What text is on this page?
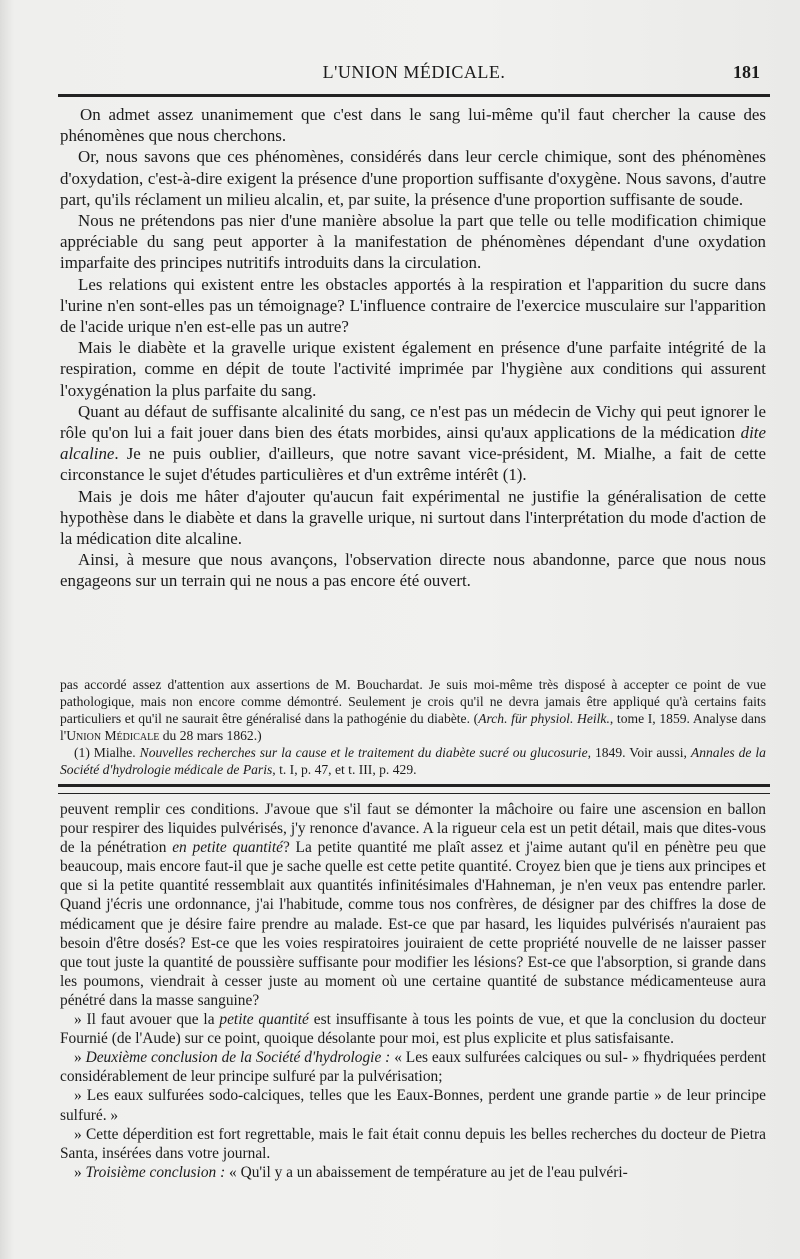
L'UNION MÉDICALE.	181

On admet assez unanimement que c'est dans le sang lui-même qu'il faut chercher la cause des phénomènes que nous cherchons.

Or, nous savons que ces phénomènes, considérés dans leur cercle chimique, sont des phénomènes d'oxydation, c'est-à-dire exigent la présence d'une proportion suffisante d'oxygène. Nous savons, d'autre part, qu'ils réclament un milieu alcalin, et, par suite, la présence d'une proportion suffisante de soude.

Nous ne prétendons pas nier d'une manière absolue la part que telle ou telle modification chimique appréciable du sang peut apporter à la manifestation de phénomènes dépendant d'une oxydation imparfaite des principes nutritifs introduits dans la circulation.

Les relations qui existent entre les obstacles apportés à la respiration et l'apparition du sucre dans l'urine n'en sont-elles pas un témoignage? L'influence contraire de l'exercice musculaire sur l'apparition de l'acide urique n'en est-elle pas un autre?

Mais le diabète et la gravelle urique existent également en présence d'une parfaite intégrité de la respiration, comme en dépit de toute l'activité imprimée par l'hygiène aux conditions qui assurent l'oxygénation la plus parfaite du sang.

Quant au défaut de suffisante alcalinité du sang, ce n'est pas un médecin de Vichy qui peut ignorer le rôle qu'on lui a fait jouer dans bien des états morbides, ainsi qu'aux applications de la médication dite alcaline. Je ne puis oublier, d'ailleurs, que notre savant vice-président, M. Mialhe, a fait de cette circonstance le sujet d'études particulières et d'un extrême intérêt (1).

Mais je dois me hâter d'ajouter qu'aucun fait expérimental ne justifie la généralisation de cette hypothèse dans le diabète et dans la gravelle urique, ni surtout dans l'interprétation du mode d'action de la médication dite alcaline.

Ainsi, à mesure que nous avançons, l'observation directe nous abandonne, parce que nous nous engageons sur un terrain qui ne nous a pas encore été ouvert.

pas accordé assez d'attention aux assertions de M. Bouchardat. Je suis moi-même très disposé à accepter ce point de vue pathologique, mais non encore comme démontré. Seulement je crois qu'il ne devra jamais être appliqué qu'à certains faits particuliers et qu'il ne saurait être généralisé dans la pathogénie du diabète. (Arch. für physiol. Heilk., tome I, 1859. Analyse dans l'Union Médicale du 28 mars 1862.)

(1) Mialhe. Nouvelles recherches sur la cause et le traitement du diabète sucré ou glucosurie, 1849. Voir aussi, Annales de la Société d'hydrologie médicale de Paris, t. I, p. 47, et t. III, p. 429.

peuvent remplir ces conditions. J'avoue que s'il faut se démonter la mâchoire ou faire une ascension en ballon pour respirer des liquides pulvérisés, j'y renonce d'avance. A la rigueur cela est un petit détail, mais que dites-vous de la pénétration en petite quantité? La petite quantité me plaît assez et j'aime autant qu'il en pénètre peu que beaucoup, mais encore faut-il que je sache quelle est cette petite quantité. Croyez bien que je tiens aux principes et que si la petite quantité ressemblait aux quantités infinitésimales d'Hahneman, je n'en veux pas entendre parler. Quand j'écris une ordonnance, j'ai l'habitude, comme tous nos confrères, de désigner par des chiffres la dose de médicament que je désire faire prendre au malade. Est-ce que par hasard, les liquides pulvérisés n'auraient pas besoin d'être dosés? Est-ce que les voies respiratoires jouiraient de cette propriété nouvelle de ne laisser passer que tout juste la quantité de poussière suffisante pour modifier les lésions? Est-ce que l'absorption, si grande dans les poumons, viendrait à cesser juste au moment où une certaine quantité de substance médicamenteuse aura pénétré dans la masse sanguine?

» Il faut avouer que la petite quantité est insuffisante à tous les points de vue, et que la conclusion du docteur Fournié (de l'Aude) sur ce point, quoique désolante pour moi, est plus explicite et plus satisfaisante.

» Deuxième conclusion de la Société d'hydrologie : « Les eaux sulfurées calciques ou sul- » fhydriquées perdent considérablement de leur principe sulfuré par la pulvérisation;

» Les eaux sulfurées sodo-calciques, telles que les Eaux-Bonnes, perdent une grande partie » de leur principe sulfuré. »

» Cette déperdition est fort regrettable, mais le fait était connu depuis les belles recherches du docteur de Pietra Santa, insérées dans votre journal.

» Troisième conclusion : « Qu'il y a un abaissement de température au jet de l'eau pulvéri-
